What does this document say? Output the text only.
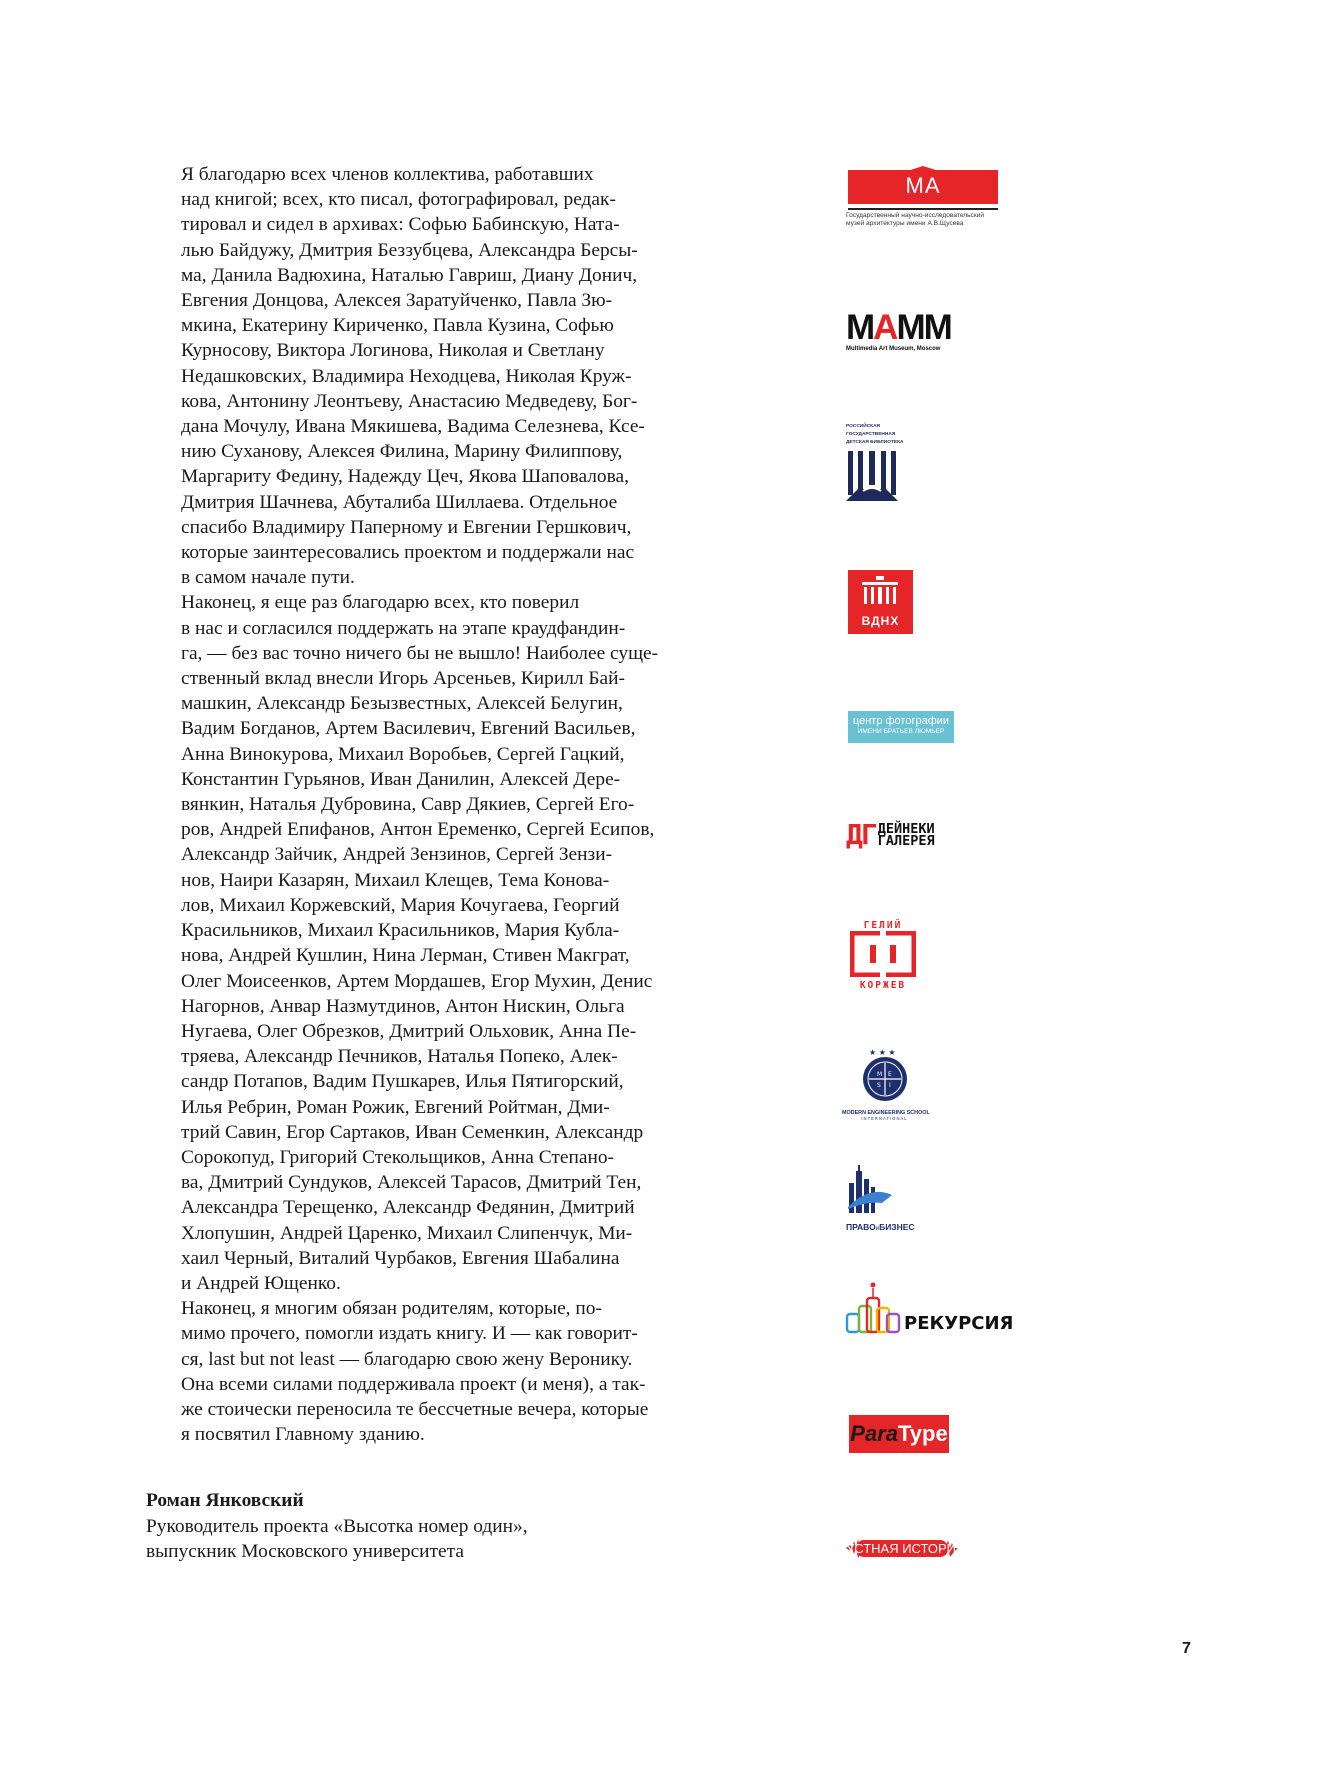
Я благодарю всех членов коллектива, работавших
над книгой; всех, кто писал, фотографировал, редак-
тировал и сидел в архивах: Софью Бабинскую, Ната-
лью Байдужу, Дмитрия Беззубцева, Александра Берсы-
ма, Данила Вадюхина, Наталью Гавриш, Диану Донич,
Евгения Донцова, Алексея Заратуйченко, Павла Зю-
мкина, Екатерину Кириченко, Павла Кузина, Софью
Курносову, Виктора Логинова, Николая и Светлану
Недашковских, Владимира Неходцева, Николая Круж-
кова, Антонину Леонтьеву, Анастасию Медведеву, Бог-
дана Мочулу, Ивана Мякишева, Вадима Селезнева, Ксе-
нию Суханову, Алексея Филина, Марину Филиппову,
Маргариту Федину, Надежду Цеч, Якова Шаповалова,
Дмитрия Шачнева, Абуталиба Шиллаева. Отдельное
спасибо Владимиру Паперному и Евгении Гершкович,
которые заинтересовались проектом и поддержали нас
в самом начале пути.

Наконец, я еще раз благодарю всех, кто поверил
в нас и согласился поддержать на этапе краудфандин-
га, — без вас точно ничего бы не вышло! Наиболее суще-
ственный вклад внесли Игорь Арсеньев, Кирилл Бай-
машкин, Александр Безызвестных, Алексей Белугин,
Вадим Богданов, Артем Василевич, Евгений Васильев,
Анна Винокурова, Михаил Воробьев, Сергей Гацкий,
Константин Гурьянов, Иван Данилин, Алексей Дере-
вянкин, Наталья Дубровина, Савр Дякиев, Сергей Его-
ров, Андрей Епифанов, Антон Еременко, Сергей Есипов,
Александр Зайчик, Андрей Зензинов, Сергей Зензи-
нов, Наири Казарян, Михаил Клещев, Тема Конова-
лов, Михаил Коржевский, Мария Кочугаева, Георгий
Красильников, Михаил Красильников, Мария Кубла-
нова, Андрей Кушлин, Нина Лерман, Стивен Макграт,
Олег Моисеенков, Артем Мордашев, Егор Мухин, Денис
Нагорнов, Анвар Назмутдинов, Антон Нискин, Ольга
Нугаева, Олег Обрезков, Дмитрий Ольховик, Анна Пе-
тряева, Александр Печников, Наталья Попеко, Алек-
сандр Потапов, Вадим Пушкарев, Илья Пятигорский,
Илья Ребрин, Роман Рожик, Евгений Ройтман, Дми-
трий Савин, Егор Сартаков, Иван Семенкин, Александр
Сорокопуд, Григорий Стекольщиков, Анна Степано-
ва, Дмитрий Сундуков, Алексей Тарасов, Дмитрий Тен,
Александра Терещенко, Александр Федянин, Дмитрий
Хлопушин, Андрей Царенко, Михаил Слипенчук, Ми-
хаил Черный, Виталий Чурбаков, Евгения Шабалина
и Андрей Ющенко.

Наконец, я многим обязан родителям, которые, по-
мимо прочего, помогли издать книгу. И — как говорит-
ся, last but not least — благодарю свою жену Веронику.
Она всеми силами поддерживала проект (и меня), а так-
же стоически переносила те бессчетные вечера, которые
я посвятил Главному зданию.

Роман Янковский
Руководитель проекта «Высотка номер один»,
выпускник Московского университета
7
МА
Государственный научно-исследовательский
музей архитектуры имени А.В.Щусева
MAMM
Multimedia Art Museum, Moscow
РОССИЙСКАЯ
ГОСУДАРСТВЕННАЯ
ДЕТСКАЯ БИБЛИОТЕКА
ВДНХ
центр фотографии
ИМЕНИ БРАТЬЕВ ЛЮМЬЕР
ДГ ДЕЙНЕКИ
ГАЛЕРЕЯ
ГЕЛИЙ
КОРЖЕВ
★ ★ ★
M E
S I
MODERN ENGINEERING SCHOOL
INTERNATIONAL
ПРАВОиБИЗНЕС
РЕКУРСИЯ
ParaType
УСТНАЯ ИСТОРИЯ
